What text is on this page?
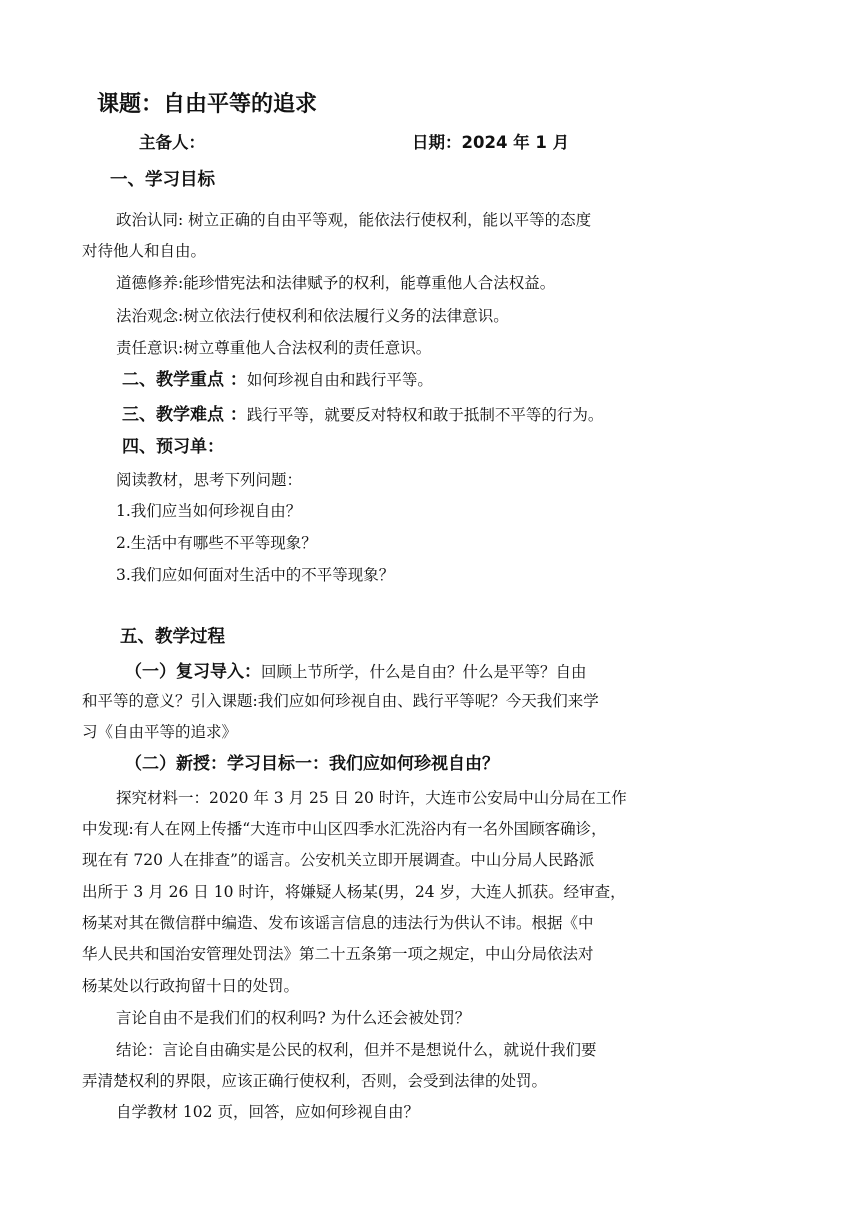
课题：自由平等的追求
主备人：	日期：2024 年 1 月
一、学习目标
政治认同: 树立正确的自由平等观，能依法行使权利，能以平等的态度
对待他人和自由。
道德修养:能珍惜宪法和法律赋予的权利，能尊重他人合法权益。
法治观念:树立依法行使权利和依法履行义务的法律意识。
责任意识:树立尊重他人合法权利的责任意识。
二、教学重点 ：如何珍视自由和践行平等。
三、教学难点 ：践行平等，就要反对特权和敢于抵制不平等的行为。
四、预习单：
阅读教材，思考下列问题：
1.我们应当如何珍视自由？
2.生活中有哪些不平等现象？
3.我们应如何面对生活中的不平等现象？
五、教学过程
（一）复习导入：回顾上节所学，什么是自由？什么是平等？自由
和平等的意义？引入课题:我们应如何珍视自由、践行平等呢？今天我们来学
习《自由平等的追求》
（二）新授：学习目标一：我们应如何珍视自由？
探究材料一：2020 年 3 月 25 日 20 时许，大连市公安局中山分局在工作
中发现:有人在网上传播“大连市中山区四季水汇洗浴内有一名外国顾客确诊，
现在有 720 人在排查”的谣言。公安机关立即开展调查。中山分局人民路派
出所于 3 月 26 日 10 时许，将嫌疑人杨某(男，24 岁，大连人抓获。经审查，
杨某对其在微信群中编造、发布该谣言信息的违法行为供认不讳。根据《中
华人民共和国治安管理处罚法》第二十五条第一项之规定，中山分局依法对
杨某处以行政拘留十日的处罚。
言论自由不是我们们的权利吗? 为什么还会被处罚？
结论：言论自由确实是公民的权利，但并不是想说什么，就说什我们要
弄清楚权利的界限，应该正确行使权利，否则，会受到法律的处罚。
自学教材 102 页，回答，应如何珍视自由？
